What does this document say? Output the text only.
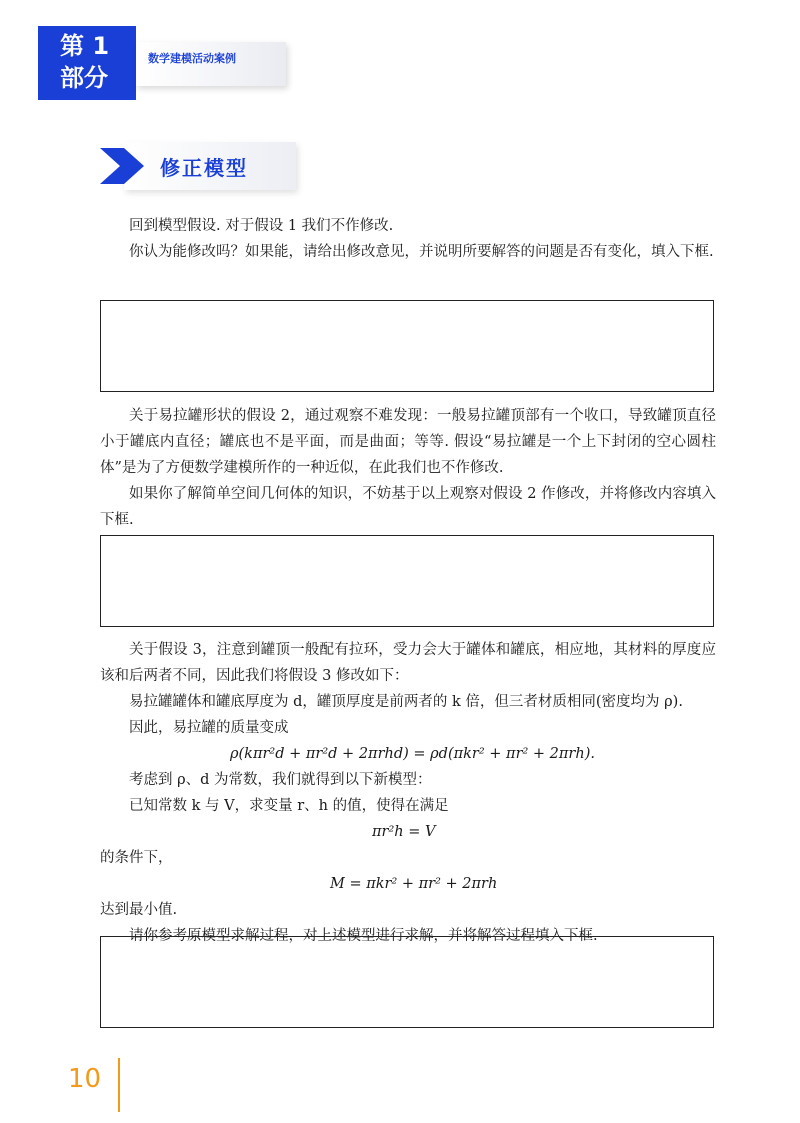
第 1
部分
数学建模活动案例
修正模型

回到模型假设. 对于假设 1 我们不作修改.

你认为能修改吗？如果能，请给出修改意见，并说明所要解答的问题是否有变化，填入下框.

关于易拉罐形状的假设 2，通过观察不难发现：一般易拉罐顶部有一个收口，导致罐顶直径小于罐底内直径；罐底也不是平面，而是曲面；等等. 假设“易拉罐是一个上下封闭的空心圆柱体”是为了方便数学建模所作的一种近似，在此我们也不作修改.

如果你了解简单空间几何体的知识，不妨基于以上观察对假设 2 作修改，并将修改内容填入下框.

关于假设 3，注意到罐顶一般配有拉环，受力会大于罐体和罐底，相应地，其材料的厚度应该和后两者不同，因此我们将假设 3 修改如下：

易拉罐罐体和罐底厚度为 d，罐顶厚度是前两者的 k 倍，但三者材质相同(密度均为 ρ).

因此，易拉罐的质量变成

ρ(kπr²d + πr²d + 2πrhd) = ρd(πkr² + πr² + 2πrh).

考虑到 ρ、d 为常数，我们就得到以下新模型：

已知常数 k 与 V，求变量 r、h 的值，使得在满足

πr²h = V

的条件下，

M = πkr² + πr² + 2πrh

达到最小值.

请你参考原模型求解过程，对上述模型进行求解，并将解答过程填入下框.

10
